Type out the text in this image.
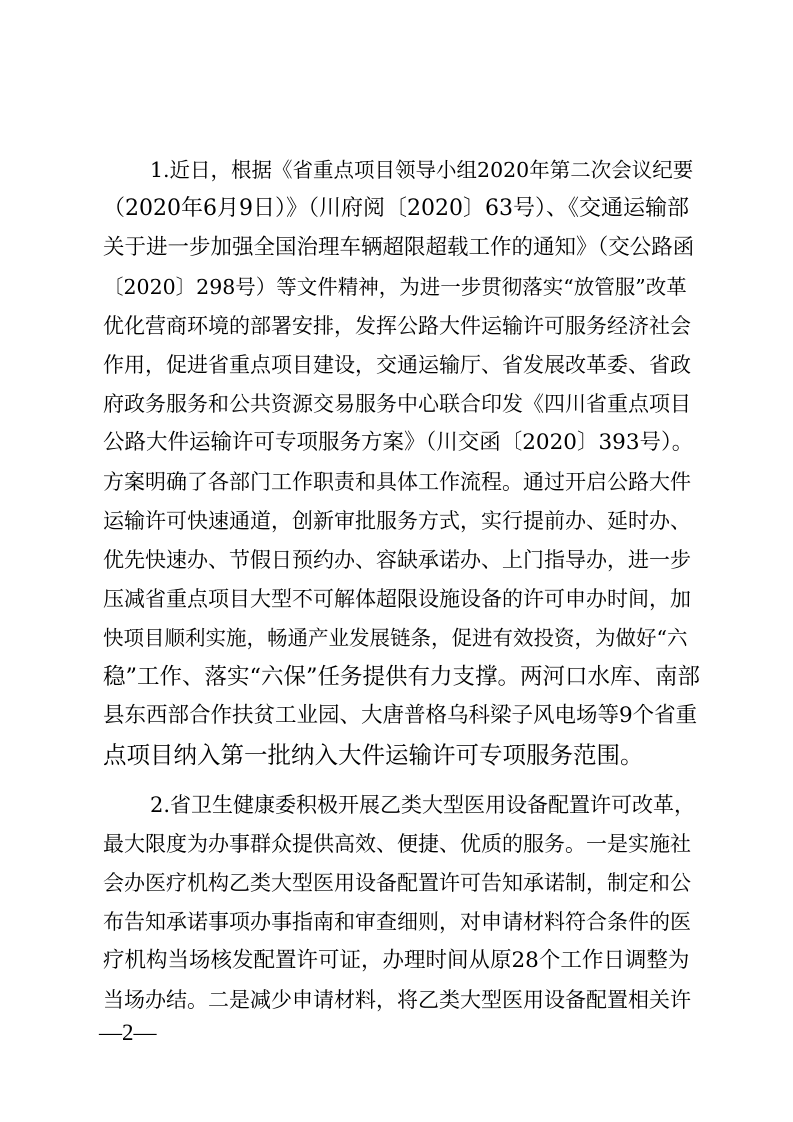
1.近日，根据《省重点项目领导小组2020年第二次会议纪要
（2020年6月9日）》（川府阅〔2020〕63号）、《交通运输部
关于进一步加强全国治理车辆超限超载工作的通知》（交公路函
〔2020〕298号）等文件精神，为进一步贯彻落实“放管服”改革
优化营商环境的部署安排，发挥公路大件运输许可服务经济社会
作用，促进省重点项目建设，交通运输厅、省发展改革委、省政
府政务服务和公共资源交易服务中心联合印发《四川省重点项目
公路大件运输许可专项服务方案》（川交函〔2020〕393号）。
方案明确了各部门工作职责和具体工作流程。通过开启公路大件
运输许可快速通道，创新审批服务方式，实行提前办、延时办、
优先快速办、节假日预约办、容缺承诺办、上门指导办，进一步
压减省重点项目大型不可解体超限设施设备的许可申办时间，加
快项目顺利实施，畅通产业发展链条，促进有效投资，为做好“六
稳”工作、落实“六保”任务提供有力支撑。两河口水库、南部
县东西部合作扶贫工业园、大唐普格乌科梁子风电场等9个省重
点项目纳入第一批纳入大件运输许可专项服务范围。
2.省卫生健康委积极开展乙类大型医用设备配置许可改革，
最大限度为办事群众提供高效、便捷、优质的服务。一是实施社
会办医疗机构乙类大型医用设备配置许可告知承诺制，制定和公
布告知承诺事项办事指南和审查细则，对申请材料符合条件的医
疗机构当场核发配置许可证，办理时间从原28个工作日调整为
当场办结。二是减少申请材料，将乙类大型医用设备配置相关许
—2—
